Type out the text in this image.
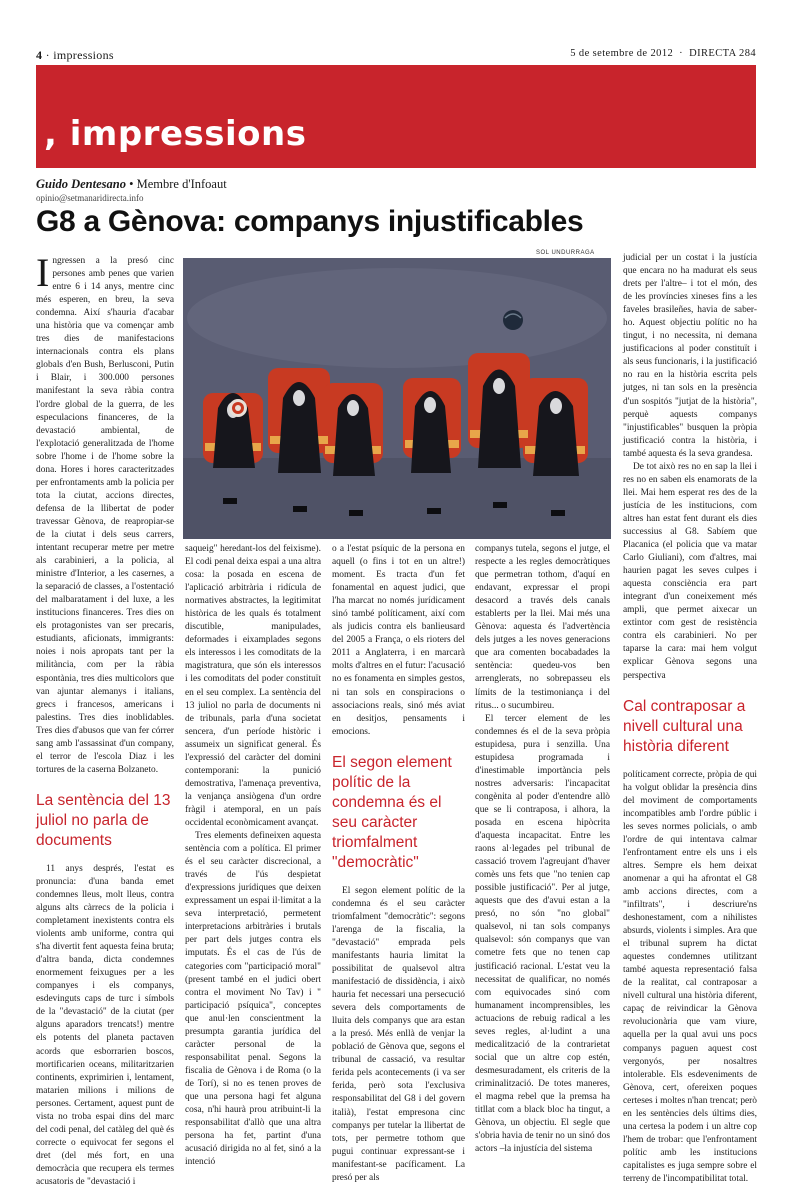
4 · impressions	5 de setembre de 2012  ·  DIRECTA 284
, impressions
Guido Dentesano • Membre d'Infoaut
opinio@setmanaridirecta.info
G8 a Gènova: companys injustificables
SOL UNDURRAGA

Ingressen a la presó cinc persones amb penes que varien entre 6 i 14 anys, mentre cinc més esperen, en breu, la seva condemna. Així s'hauria d'acabar una història que va començar amb tres dies de manifestacions internacionals contra els plans globals d'en Bush, Berlusconi, Putin i Blair, i 300.000 persones manifestant la seva ràbia contra l'ordre global de la guerra, de les especulacions financeres, de la devastació ambiental, de l'explotació generalitzada de l'home sobre l'home i de l'home sobre la dona. Hores i hores caracteritzades per enfrontaments amb la policia per tota la ciutat, accions directes, defensa de la llibertat de poder travessar Gènova, de reapropiar-se de la ciutat i dels seus carrers, intentant recuperar metre per metre als carabinieri, a la policia, al ministre d'Interior, a les casernes, a la separació de classes, a l'ostentació del malbaratament i del luxe, a les institucions financeres. Tres dies on els protagonistes van ser precaris, estudiants, aficionats, immigrants: noies i nois apropats tant per la militància, com per la ràbia espontània, tres dies multicolors que van ajuntar alemanys i italians, grecs i francesos, americans i palestins. Tres dies inoblidables. Tres dies d'abusos que van fer córrer sang amb l'assassinat d'un company, el terror de l'escola Diaz i les tortures de la caserna Bolzaneto.

La sentència del 13 juliol no parla de documents

11 anys després, l'estat es pronuncia: d'una banda emet condemnes lleus, molt lleus, contra alguns alts càrrecs de la policia i completament inexistents contra els violents amb uniforme, contra qui s'ha divertit fent aquesta feina bruta; d'altra banda, dicta condemnes enormement feixugues per a les companyes i els companys, esdevinguts caps de turc i símbols de la "devastació" de la ciutat (per alguns aparadors trencats!) mentre els potents del planeta pactaven acords que esborrarien boscos, mortificarien oceans, militaritzarien continents, exprimirien i, lentament, matarien milions i milions de persones. Certament, aquest punt de vista no troba espai dins del marc del codi penal, del catàleg del què és correcte o equivocat fer segons el dret (del més fort, en una democràcia que recupera els termes acusatoris de "devastació i

saqueig" heredant-los del feixisme). El codi penal deixa espai a una altra cosa: la posada en escena de l'aplicació arbitrària i ridícula de normatives abstractes, la legitimitat històrica de les quals és totalment discutible, manipulades, deformades i eixamplades segons els interessos i les comoditats de la magistratura, que són els interessos i les comoditats del poder constituït en el seu complex. La sentència del 13 juliol no parla de documents ni de tribunals, parla d'una societat sencera, d'un període històric i assumeix un significat general. És l'expressió del caràcter del domini contemporani: la punició demostrativa, l'amenaça preventiva, la venjança ansiògena d'un ordre fràgil i atemporal, en un país occidental econòmicament avançat.

Tres elements defineixen aquesta sentència com a política. El primer és el seu caràcter discrecional, a través de l'ús despietat d'expressions jurídiques que deixen expressament un espai il·limitat a la seva interpretació, permetent interpretacions arbitràries i brutals per part dels jutges contra els imputats. És el cas de l'ús de categories com "participació moral" (present també en el judici obert contra el moviment No Tav) i " participació psíquica", conceptes que anul·len conscientment la presumpta garantia jurídica del caràcter personal de la responsabilitat penal. Segons la fiscalia de Gènova i de Roma (o la de Torí), si no es tenen proves de que una persona hagi fet alguna cosa, n'hi haurà prou atribuint-li la responsabilitat d'allò que una altra persona ha fet, partint d'una acusació dirigida no al fet, sinó a la intenció

o a l'estat psíquic de la persona en aquell (o fins i tot en un altre!) moment. Es tracta d'un fet fonamental en aquest judici, que l'ha marcat no només jurídicament sinó també políticament, així com als judicis contra els banlieusard del 2005 a França, o els rioters del 2011 a Anglaterra, i en marcarà molts d'altres en el futur: l'acusació no es fonamenta en simples gestos, ni tan sols en conspiracions o associacions reals, sinó més aviat en desitjos, pensaments i emocions.

El segon element polític de la condemna és el seu caràcter triomfalment "democràtic"

El segon element polític de la condemna és el seu caràcter triomfalment "democràtic": segons l'arenga de la fiscalia, la "devastació" emprada pels manifestants hauria limitat la possibilitat de qualsevol altra manifestació de dissidència, i això hauria fet necessari una persecució severa dels comportaments de lluita dels companys que ara estan a la presó. Més enllà de venjar la població de Gènova que, segons el tribunal de cassació, va resultar ferida pels acontecements (i va ser ferida, però sota l'exclusiva responsabilitat del G8 i del govern italià), l'estat empresona cinc companys per tutelar la llibertat de tots, per permetre tothom que pugui continuar expressant-se i manifestant-se pacíficament. La presó per als

companys tutela, segons el jutge, el respecte a les regles democràtiques que permetran tothom, d'aquí en endavant, expressar el propi desacord a través dels canals establerts per la llei. Mai més una Gènova: aquesta és l'advertència dels jutges a les noves generacions que ara comenten bocabadades la sentència: quedeu-vos ben arrenglerats, no sobrepasseu els límits de la testimoniança i del ritus... o sucumbireu.

El tercer element de les condemnes és el de la seva pròpia estupidesa, pura i senzilla. Una estupidesa programada i d'inestimable importància pels nostres adversaris: l'incapacitat congènita al poder d'entendre allò que se li contraposa, i alhora, la posada en escena hipòcrita d'aquesta incapacitat. Entre les raons al·legades pel tribunal de cassació trovem l'agreujant d'haver comès uns fets que "no tenien cap possible justificació". Per al jutge, aquests que des d'avui estan a la presó, no són "no global" qualsevol, ni tan sols companys qualsevol: són companys que van cometre fets que no tenen cap justificació racional. L'estat veu la necessitat de qualificar, no només com equivocades sinó com humanament incomprensibles, les actuacions de rebuig radical a les seves regles, al·ludint a una medicalització de la contrarietat social que un altre cop estén, desmesuradament, els criteris de la criminalització. De totes maneres, el magma rebel que la premsa ha titllat com a black bloc ha tingut, a Gènova, un objectiu. El segle que s'obria havia de tenir no un sinó dos actors –la injustícia del sistema

judicial per un costat i la justícia que encara no ha madurat els seus drets per l'altre– i tot el món, des de les províncies xineses fins a les faveles brasileñes, havia de saber-ho. Aquest objectiu polític no ha tingut, i no necessita, ni demana justificacions al poder constituït i als seus funcionaris, i la justificació no rau en la història escrita pels jutges, ni tan sols en la presència d'un sospitós "jutjat de la història", perquè aquests companys "injustificables" busquen la pròpia justificació contra la història, i també aquesta és la seva grandesa.

De tot això res no en sap la llei i res no en saben els enamorats de la llei. Mai hem esperat res des de la justícia de les institucions, com altres han estat fent durant els dies successius al G8. Sabíem que Placanica (el policia que va matar Carlo Giuliani), com d'altres, mai haurien pagat les seves culpes i aquesta consciència era part integrant d'un coneixement més ampli, que permet aixecar un extintor com gest de resistència contra els carabinieri. No per taparse la cara: mai hem volgut explicar Gènova segons una perspectiva

Cal contraposar a nivell cultural una història diferent

políticament correcte, pròpia de qui ha volgut oblidar la presència dins del moviment de comportaments incompatibles amb l'ordre públic i les seves normes policials, o amb l'ordre de qui intentava calmar l'enfrontament entre els uns i els altres. Sempre els hem deixat anomenar a qui ha afrontat el G8 amb accions directes, com a "infiltrats", i descriure'ns deshonestament, com a nihilistes absurds, violents i simples. Ara que el tribunal suprem ha dictat aquestes condemnes utilitzant també aquesta representació falsa de la realitat, cal contraposar a nivell cultural una història diferent, capaç de reivindicar la Gènova revolucionària que vam viure, aquella per la qual avui uns pocs companys paguen aquest cost vergonyós, per nosaltres intolerable. Els esdeveniments de Gènova, cert, ofereixen poques certeses i moltes n'han trencat; però en les sentències dels últims dies, una certesa la podem i un altre cop l'hem de trobar: que l'enfrontament polític amb les institucions capitalistes es juga sempre sobre el terreny de l'incompatibilitat total.
